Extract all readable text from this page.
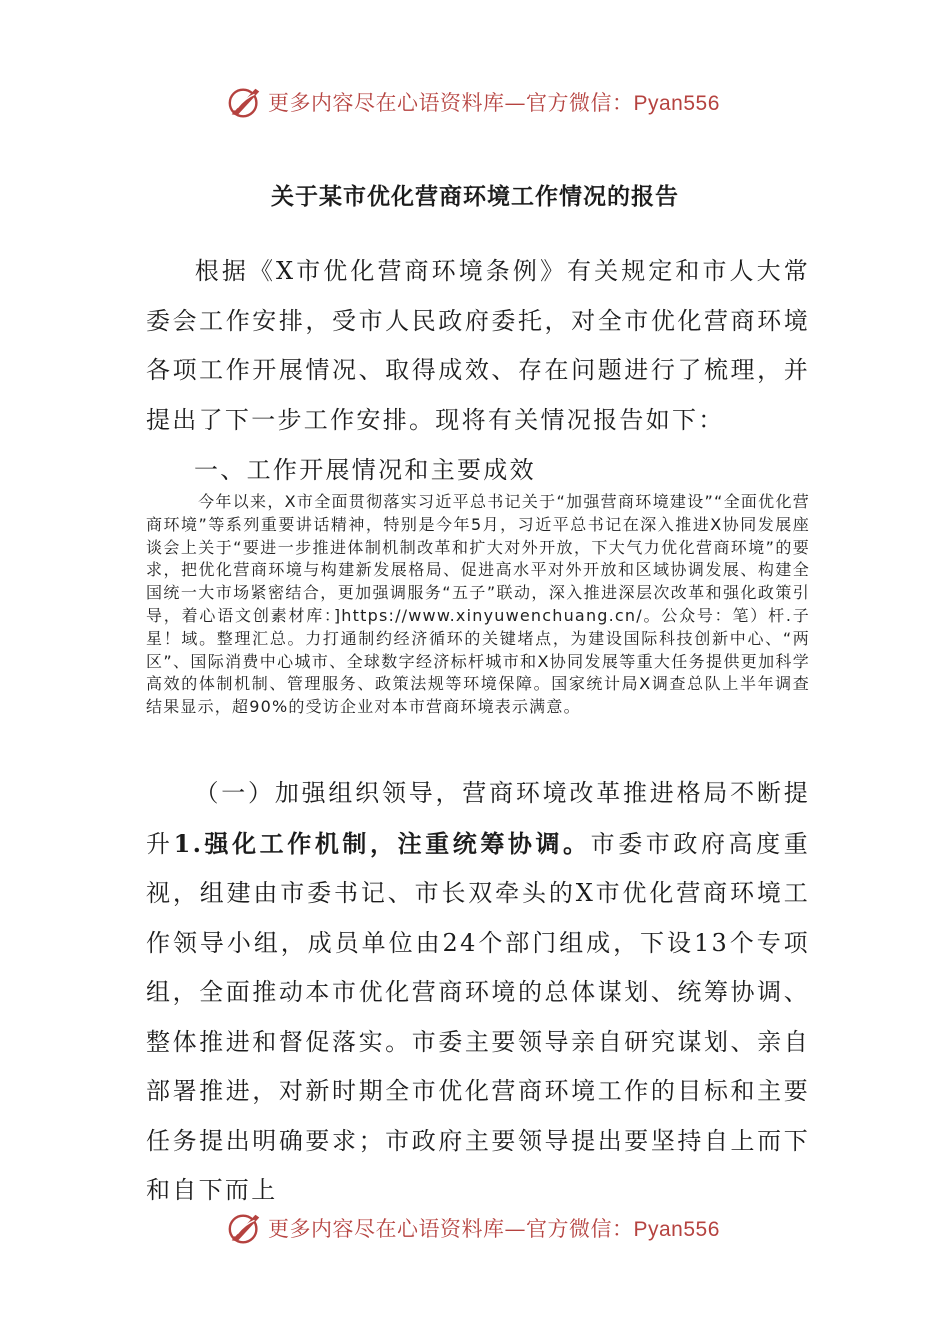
更多内容尽在心语资料库—官方微信：Pyan556
关于某市优化营商环境工作情况的报告
根据《X市优化营商环境条例》有关规定和市人大常委会工作安排，受市人民政府委托，对全市优化营商环境各项工作开展情况、取得成效、存在问题进行了梳理，并提出了下一步工作安排。现将有关情况报告如下：
一、工作开展情况和主要成效
今年以来，X市全面贯彻落实习近平总书记关于“加强营商环境建设”“全面优化营商环境”等系列重要讲话精神，特别是今年5月，习近平总书记在深入推进X协同发展座谈会上关于“要进一步推进体制机制改革和扩大对外开放，下大气力优化营商环境”的要求，把优化营商环境与构建新发展格局、促进高水平对外开放和区域协调发展、构建全国统一大市场紧密结合，更加强调服务“五子”联动，深入推进深层次改革和强化政策引导，着心语文创素材库：]https://www.xinyuwenchuang.cn/。公众号：笔）杆.子星！域。整理汇总。力打通制约经济循环的关键堵点，为建设国际科技创新中心、“两区”、国际消费中心城市、全球数字经济标杆城市和X协同发展等重大任务提供更加科学高效的体制机制、管理服务、政策法规等环境保障。国家统计局X调查总队上半年调查结果显示，超90%的受访企业对本市营商环境表示满意。
（一）加强组织领导，营商环境改革推进格局不断提升1.强化工作机制，注重统筹协调。市委市政府高度重视，组建由市委书记、市长双牵头的X市优化营商环境工作领导小组，成员单位由24个部门组成，下设13个专项组，全面推动本市优化营商环境的总体谋划、统筹协调、整体推进和督促落实。市委主要领导亲自研究谋划、亲自部署推进，对新时期全市优化营商环境工作的目标和主要任务提出明确要求；市政府主要领导提出要坚持自上而下和自下而上
更多内容尽在心语资料库—官方微信：Pyan556
